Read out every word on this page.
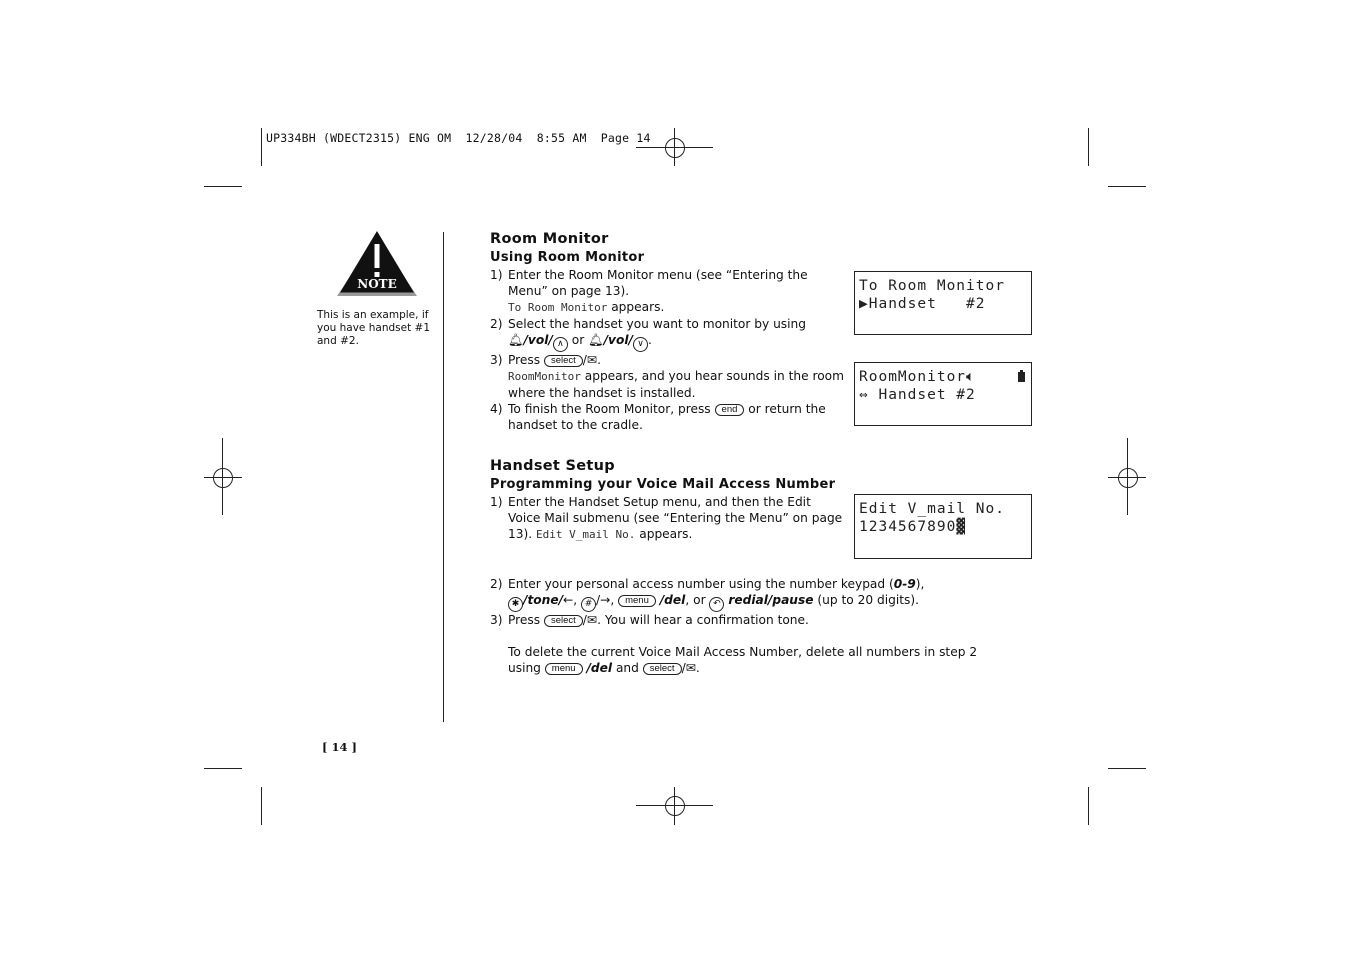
UP334BH (WDECT2315) ENG OM  12/28/04  8:55 AM  Page 14
NOTE
This is an example, if you have handset #1 and #2.
[ 14 ]
Room Monitor
Using Room Monitor
1) Enter the Room Monitor menu (see “Entering the Menu” on page 13).
To Room Monitor appears.
2) Select the handset you want to monitor by using
🔔︎/vol/ ∧ or 🔔︎/vol/ ∨ .
3) Press select /✉︎.
RoomMonitor appears, and you hear sounds in the room where the handset is installed.
4) To finish the Room Monitor, press end or return the handset to the cradle.
Handset Setup
Programming your Voice Mail Access Number
1) Enter the Handset Setup menu, and then the Edit Voice Mail submenu (see “Entering the Menu” on page 13). Edit V_mail No. appears.
2) Enter your personal access number using the number keypad (0-9),
✱ /tone/←, # /→, menu /del, or ↶ redial/pause (up to 20 digits).
3) Press select /✉︎. You will hear a confirmation tone.
To delete the current Voice Mail Access Number, delete all numbers in step 2 using menu /del and select /✉︎.
To Room Monitor
▶Handset   #2
RoomMonitor🔈︎
⇔ Handset #2
Edit V_mail No.
1234567890▓
